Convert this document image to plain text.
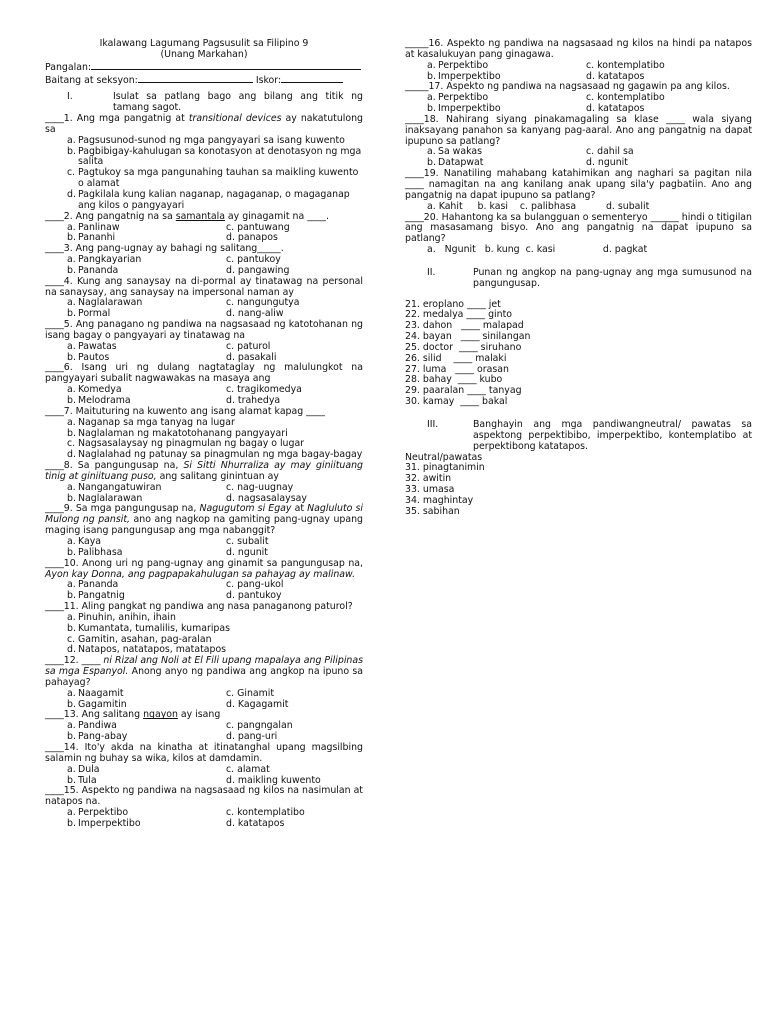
Ikalawang Lagumang Pagsusulit sa Filipino 9
(Unang Markahan)
Pangalan:
Baitang at seksyon:	Iskor:
I.	Isulat sa patlang bago ang bilang ang titik ng tamang sagot.
____1. Ang mga pangatnig at transitional devices ay nakatutulong sa
a. Pagsusunod-sunod ng mga pangyayari sa isang kuwento
b. Pagbibigay-kahulugan sa konotasyon at denotasyon ng mga salita
c. Pagtukoy sa mga pangunahing tauhan sa maikling kuwento o alamat
d. Pagkilala kung kalian naganap, nagaganap, o magaganap ang kilos o pangyayari
____2. Ang pangatnig na sa samantala ay ginagamit na ____.
a. Panlinaw	c. pantuwang
b. Pananhi	d. panapos
____3. Ang pang-ugnay ay bahagi ng salitang_____.
a. Pangkayarian	c. pantukoy
b. Pananda	d. pangawing
____4. Kung ang sanaysay na di-pormal ay tinatawag na personal na sanaysay, ang sanaysay na impersonal naman ay
a. Naglalarawan	c. nangungutya
b. Pormal	d. nang-aliw
____5. Ang panagano ng pandiwa na nagsasaad ng katotohanan ng isang bagay o pangyayari ay tinatawag na
a. Pawatas	c. paturol
b. Pautos	d. pasakali
____6. Isang uri ng dulang nagtataglay ng malulungkot na pangyayari subalit nagwawakas na masaya ang
a. Komedya	c. tragikomedya
b. Melodrama	d. trahedya
____7. Maituturing na kuwento ang isang alamat kapag ____
a. Naganap sa mga tanyag na lugar
b. Naglalaman ng makatotohanang pangyayari
c. Nagsasalaysay ng pinagmulan ng bagay o lugar
d. Naglalahad ng patunay sa pinagmulan ng mga bagay-bagay
____8. Sa pangungusap na, Si Sitti Nhurraliza ay may giniituang tinig at giniituang puso, ang salitang ginintuan ay
a. Nangangatuwiran	c. nag-uugnay
b. Naglalarawan	d. nagsasalaysay
____9. Sa mga pangungusap na, Nagugutom si Egay at Nagluluto si Mulong ng pansit, ano ang nagkop na gamiting pang-ugnay upang maging isang pangungusap ang mga nabanggit?
a. Kaya	c. subalit
b. Palibhasa	d. ngunit
____10. Anong uri ng pang-ugnay ang ginamit sa pangungusap na, Ayon kay Donna, ang pagpapakahulugan sa pahayag ay malinaw.
a. Pananda	c. pang-ukol
b. Pangatnig	d. pantukoy
____11. Aling pangkat ng pandiwa ang nasa panaganong paturol?
a. Pinuhin, anihin, ihain
b. Kumantata, tumalilis, kumaripas
c. Gamitin, asahan, pag-aralan
d. Natapos, natatapos, matatapos
____12. ____ ni Rizal ang Noli at El Fili upang mapalaya ang Pilipinas sa mga Espanyol. Anong anyo ng pandiwa ang angkop na ipuno sa pahayag?
a. Naagamit	c. Ginamit
b. Gagamitin	d. Kagagamit
____13. Ang salitang ngayon ay isang
a. Pandiwa	c. pangngalan
b. Pang-abay	d. pang-uri
____14. Ito'y akda na kinatha at itinatanghal upang magsilbing salamin ng buhay sa wika, kilos at damdamin.
a. Dula	c. alamat
b. Tula	d. maikling kuwento
____15. Aspekto ng pandiwa na nagsasaad ng kilos na nasimulan at natapos na.
a. Perpektibo	c. kontemplatibo
b. Imperpektibo	d. katatapos
_____16. Aspekto ng pandiwa na nagsasaad ng kilos na hindi pa natapos at kasalukuyan pang ginagawa.
a. Perpektibo	c. kontemplatibo
b. Imperpektibo	d. katatapos
_____17. Aspekto ng pandiwa na nagsasaad ng gagawin pa ang kilos.
a. Perpektibo	c. kontemplatibo
b. Imperpektibo	d. katatapos
____18. Nahirang siyang pinakamagaling sa klase ____ wala siyang inaksayang panahon sa kanyang pag-aaral. Ano ang pangatnig na dapat ipupuno sa patlang?
a. Sa wakas	c. dahil sa
b. Datapwat	d. ngunit
____19. Nanatiling mahabang katahimikan ang naghari sa pagitan nila ____ namagitan na ang kanilang anak upang sila'y pagbatiin. Ano ang pangatnig na dapat ipupuno sa patlang?
a. Kahit     b. kasi    c. palibhasa          d. subalit
____20. Hahantong ka sa bulangguan o sementeryo ______ hindi o titigilan ang masasamang bisyo. Ano ang pangatnig na dapat ipupuno sa patlang?
a.   Ngunit   b. kung  c. kasi                d. pagkat
II.	Punan ng angkop na pang-ugnay ang mga sumusunod na pangungusap.
21. eroplano ____ jet
22. medalya ____ ginto
23. dahon   ____ malapad
24. bayan   ____ sinilangan
25. doctor  ____ siruhano
26. silid    ____ malaki
27. luma   ____ orasan
28. bahay  ____ kubo
29. paaralan ____ tanyag
30. kamay  ____ bakal
III.	Banghayin ang mga pandiwangneutral/ pawatas sa aspektong perpektibibo, imperpektibo, kontemplatibo at perpektibong katatapos.
Neutral/pawatas
31. pinagtanimin
32. awitin
33. umasa
34. maghintay
35. sabihan
